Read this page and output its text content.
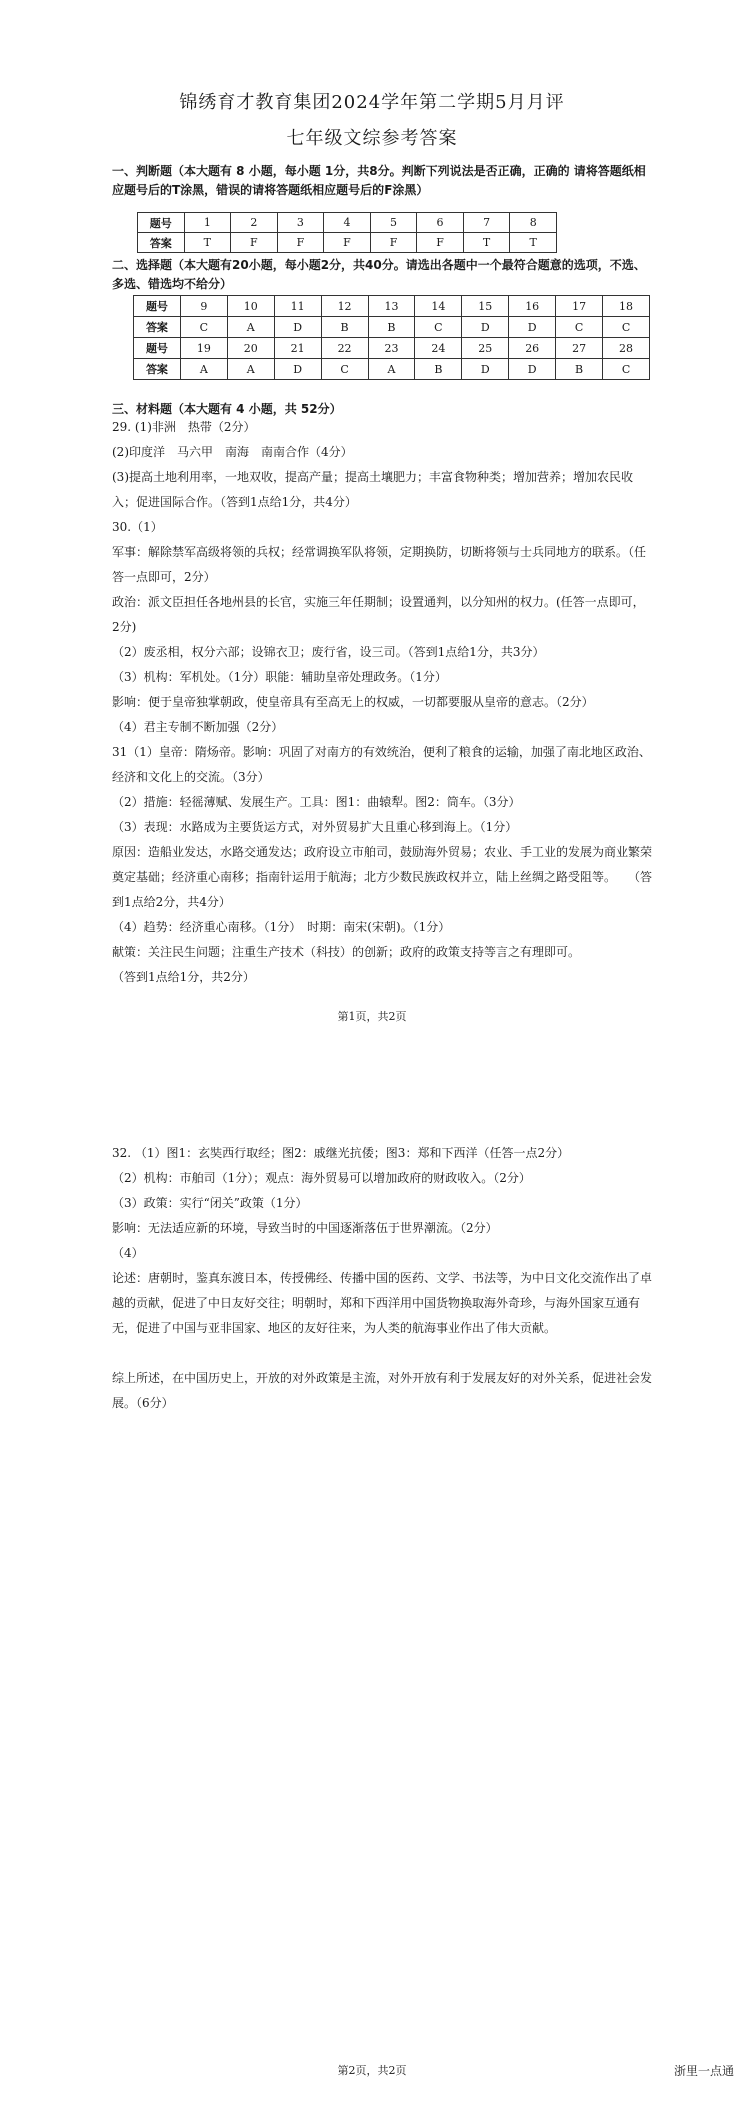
锦绣育才教育集团2024学年第二学期5月月评
七年级文综参考答案
一、判断题（本大题有 8 小题，每小题 1分，共8分。判断下列说法是否正确，正确的 请将答题纸相应题号后的T涂黑，错误的请将答题纸相应题号后的F涂黑）
题号	1	2	3	4	5	6	7	8
答案	T	F	F	F	F	F	T	T
二、选择题（本大题有20小题，每小题2分，共40分。请选出各题中一个最符合题意的选项，不选、多选、错选均不给分）
题号	9	10	11	12	13	14	15	16	17	18
答案	C	A	D	B	B	C	D	D	C	C
题号	19	20	21	22	23	24	25	26	27	28
答案	A	A	D	C	A	B	D	D	B	C
三、材料题（本大题有 4 小题，共 52分）
29. (1)非洲　热带（2分）
(2)印度洋　马六甲　南海　南南合作（4分）
(3)提高土地利用率，一地双收，提高产量；提高土壤肥力；丰富食物种类；增加营养；增加农民收入；促进国际合作。（答到1点给1分，共4分）
30.（1）
军事：解除禁军高级将领的兵权；经常调换军队将领，定期换防，切断将领与士兵同地方的联系。（任答一点即可，2分）
政治：派文臣担任各地州县的长官，实施三年任期制；设置通判，以分知州的权力。(任答一点即可，2分)
（2）废丞相，权分六部；设锦衣卫；废行省，设三司。（答到1点给1分，共3分）
（3）机构：军机处。（1分）职能：辅助皇帝处理政务。（1分）
影响：便于皇帝独掌朝政，使皇帝具有至高无上的权威，一切都要服从皇帝的意志。（2分）
（4）君主专制不断加强（2分）
31（1）皇帝：隋炀帝。影响：巩固了对南方的有效统治，便利了粮食的运输，加强了南北地区政治、经济和文化上的交流。（3分）
（2）措施：轻徭薄赋、发展生产。工具：图1：曲辕犁。图2：筒车。（3分）
（3）表现：水路成为主要货运方式，对外贸易扩大且重心移到海上。（1分）
原因：造船业发达，水路交通发达；政府设立市舶司，鼓励海外贸易；农业、手工业的发展为商业繁荣奠定基础；经济重心南移；指南针运用于航海；北方少数民族政权并立，陆上丝绸之路受阻等。　　（答到1点给2分，共4分）
（4）趋势：经济重心南移。（1分）　时期：南宋(宋朝)。（1分）
献策：关注民生问题；注重生产技术（科技）的创新；政府的政策支持等言之有理即可。
（答到1点给1分，共2分）
第1页，共2页
32. （1）图1：玄奘西行取经；图2：戚继光抗倭；图3：郑和下西洋（任答一点2分）
（2）机构：市舶司（1分）；观点：海外贸易可以增加政府的财政收入。（2分）
（3）政策：实行“闭关”政策（1分）
影响：无法适应新的环境，导致当时的中国逐渐落伍于世界潮流。（2分）
（4）
论述：唐朝时，鉴真东渡日本，传授佛经、传播中国的医药、文学、书法等，为中日文化交流作出了卓越的贡献，促进了中日友好交往；明朝时，郑和下西洋用中国货物换取海外奇珍，与海外国家互通有无，促进了中国与亚非国家、地区的友好往来，为人类的航海事业作出了伟大贡献。
综上所述，在中国历史上，开放的对外政策是主流，对外开放有利于发展友好的对外关系，促进社会发展。（6分）
第2页，共2页	浙里一点通
